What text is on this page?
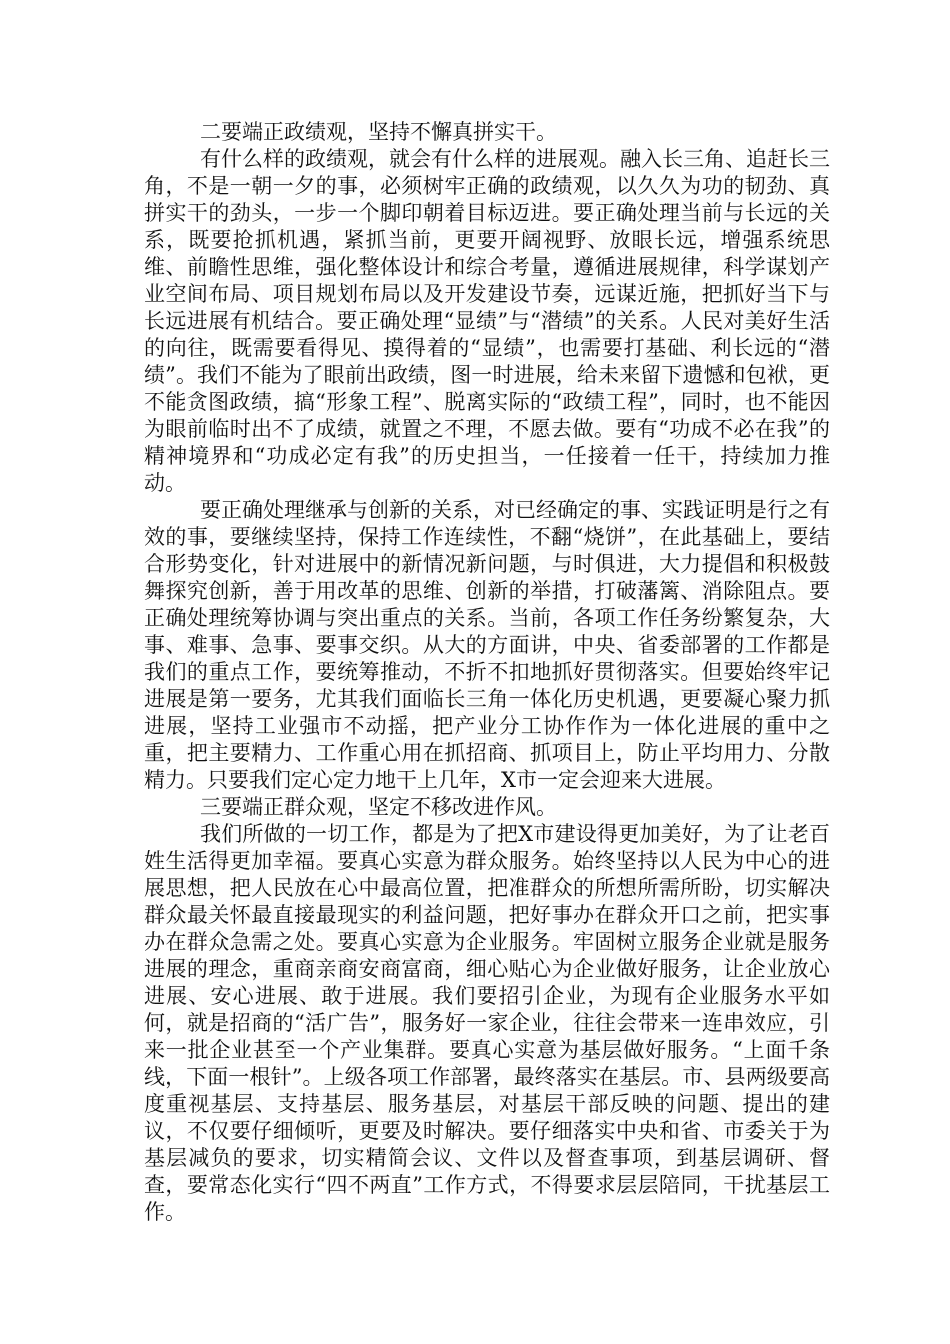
二要端正政绩观，坚持不懈真拼实干。

有什么样的政绩观，就会有什么样的进展观。融入长三角、追赶长三角，不是一朝一夕的事，必须树牢正确的政绩观，以久久为功的韧劲、真拼实干的劲头，一步一个脚印朝着目标迈进。要正确处理当前与长远的关系，既要抢抓机遇，紧抓当前，更要开阔视野、放眼长远，增强系统思维、前瞻性思维，强化整体设计和综合考量，遵循进展规律，科学谋划产业空间布局、项目规划布局以及开发建设节奏，远谋近施，把抓好当下与长远进展有机结合。要正确处理“显绩”与“潜绩”的关系。人民对美好生活的向往，既需要看得见、摸得着的“显绩”，也需要打基础、利长远的“潜绩”。我们不能为了眼前出政绩，图一时进展，给未来留下遗憾和包袱，更不能贪图政绩，搞“形象工程”、脱离实际的“政绩工程”，同时，也不能因为眼前临时出不了成绩，就置之不理，不愿去做。要有“功成不必在我”的精神境界和“功成必定有我”的历史担当，一任接着一任干，持续加力推动。

要正确处理继承与创新的关系，对已经确定的事、实践证明是行之有效的事，要继续坚持，保持工作连续性，不翻“烧饼”，在此基础上，要结合形势变化，针对进展中的新情况新问题，与时俱进，大力提倡和积极鼓舞探究创新，善于用改革的思维、创新的举措，打破藩篱、消除阻点。要正确处理统筹协调与突出重点的关系。当前，各项工作任务纷繁复杂，大事、难事、急事、要事交织。从大的方面讲，中央、省委部署的工作都是我们的重点工作，要统筹推动，不折不扣地抓好贯彻落实。但要始终牢记进展是第一要务，尤其我们面临长三角一体化历史机遇，更要凝心聚力抓进展，坚持工业强市不动摇，把产业分工协作作为一体化进展的重中之重，把主要精力、工作重心用在抓招商、抓项目上，防止平均用力、分散精力。只要我们定心定力地干上几年，X市一定会迎来大进展。

三要端正群众观，坚定不移改进作风。

我们所做的一切工作，都是为了把X市建设得更加美好，为了让老百姓生活得更加幸福。要真心实意为群众服务。始终坚持以人民为中心的进展思想，把人民放在心中最高位置，把准群众的所想所需所盼，切实解决群众最关怀最直接最现实的利益问题，把好事办在群众开口之前，把实事办在群众急需之处。要真心实意为企业服务。牢固树立服务企业就是服务进展的理念，重商亲商安商富商，细心贴心为企业做好服务，让企业放心进展、安心进展、敢于进展。我们要招引企业，为现有企业服务水平如何，就是招商的“活广告”，服务好一家企业，往往会带来一连串效应，引来一批企业甚至一个产业集群。要真心实意为基层做好服务。“上面千条线，下面一根针”。上级各项工作部署，最终落实在基层。市、县两级要高度重视基层、支持基层、服务基层，对基层干部反映的问题、提出的建议，不仅要仔细倾听，更要及时解决。要仔细落实中央和省、市委关于为基层减负的要求，切实精简会议、文件以及督查事项，到基层调研、督查，要常态化实行“四不两直”工作方式，不得要求层层陪同，干扰基层工作。
